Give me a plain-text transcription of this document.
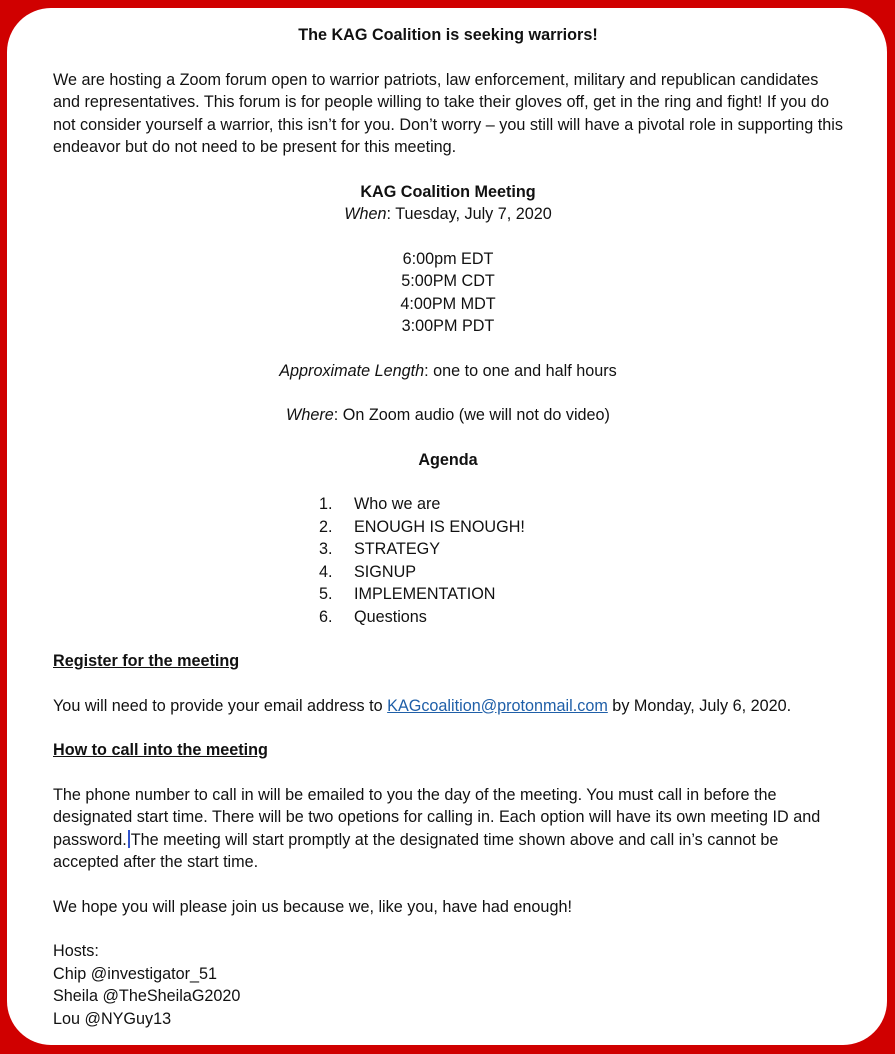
The KAG Coalition is seeking warriors!
We are hosting a Zoom forum open to warrior patriots, law enforcement, military and republican candidates and representatives. This forum is for people willing to take their gloves off, get in the ring and fight! If you do not consider yourself a warrior, this isn’t for you. Don’t worry – you still will have a pivotal role in supporting this endeavor but do not need to be present for this meeting.
KAG Coalition Meeting
When: Tuesday, July 7, 2020
6:00pm EDT
5:00PM CDT
4:00PM MDT
3:00PM PDT
Approximate Length: one to one and half hours
Where: On Zoom audio (we will not do video)
Agenda
1.	Who we are
2.	ENOUGH IS ENOUGH!
3.	STRATEGY
4.	SIGNUP
5.	IMPLEMENTATION
6.	Questions
Register for the meeting
You will need to provide your email address to KAGcoalition@protonmail.com by Monday, July 6, 2020.
How to call into the meeting
The phone number to call in will be emailed to you the day of the meeting. You must call in before the designated start time. There will be two opetions for calling in. Each option will have its own meeting ID and password. The meeting will start promptly at the designated time shown above and call in’s cannot be accepted after the start time.
We hope you will please join us because we, like you, have had enough!
Hosts:
Chip @investigator_51
Sheila @TheSheilaG2020
Lou @NYGuy13
